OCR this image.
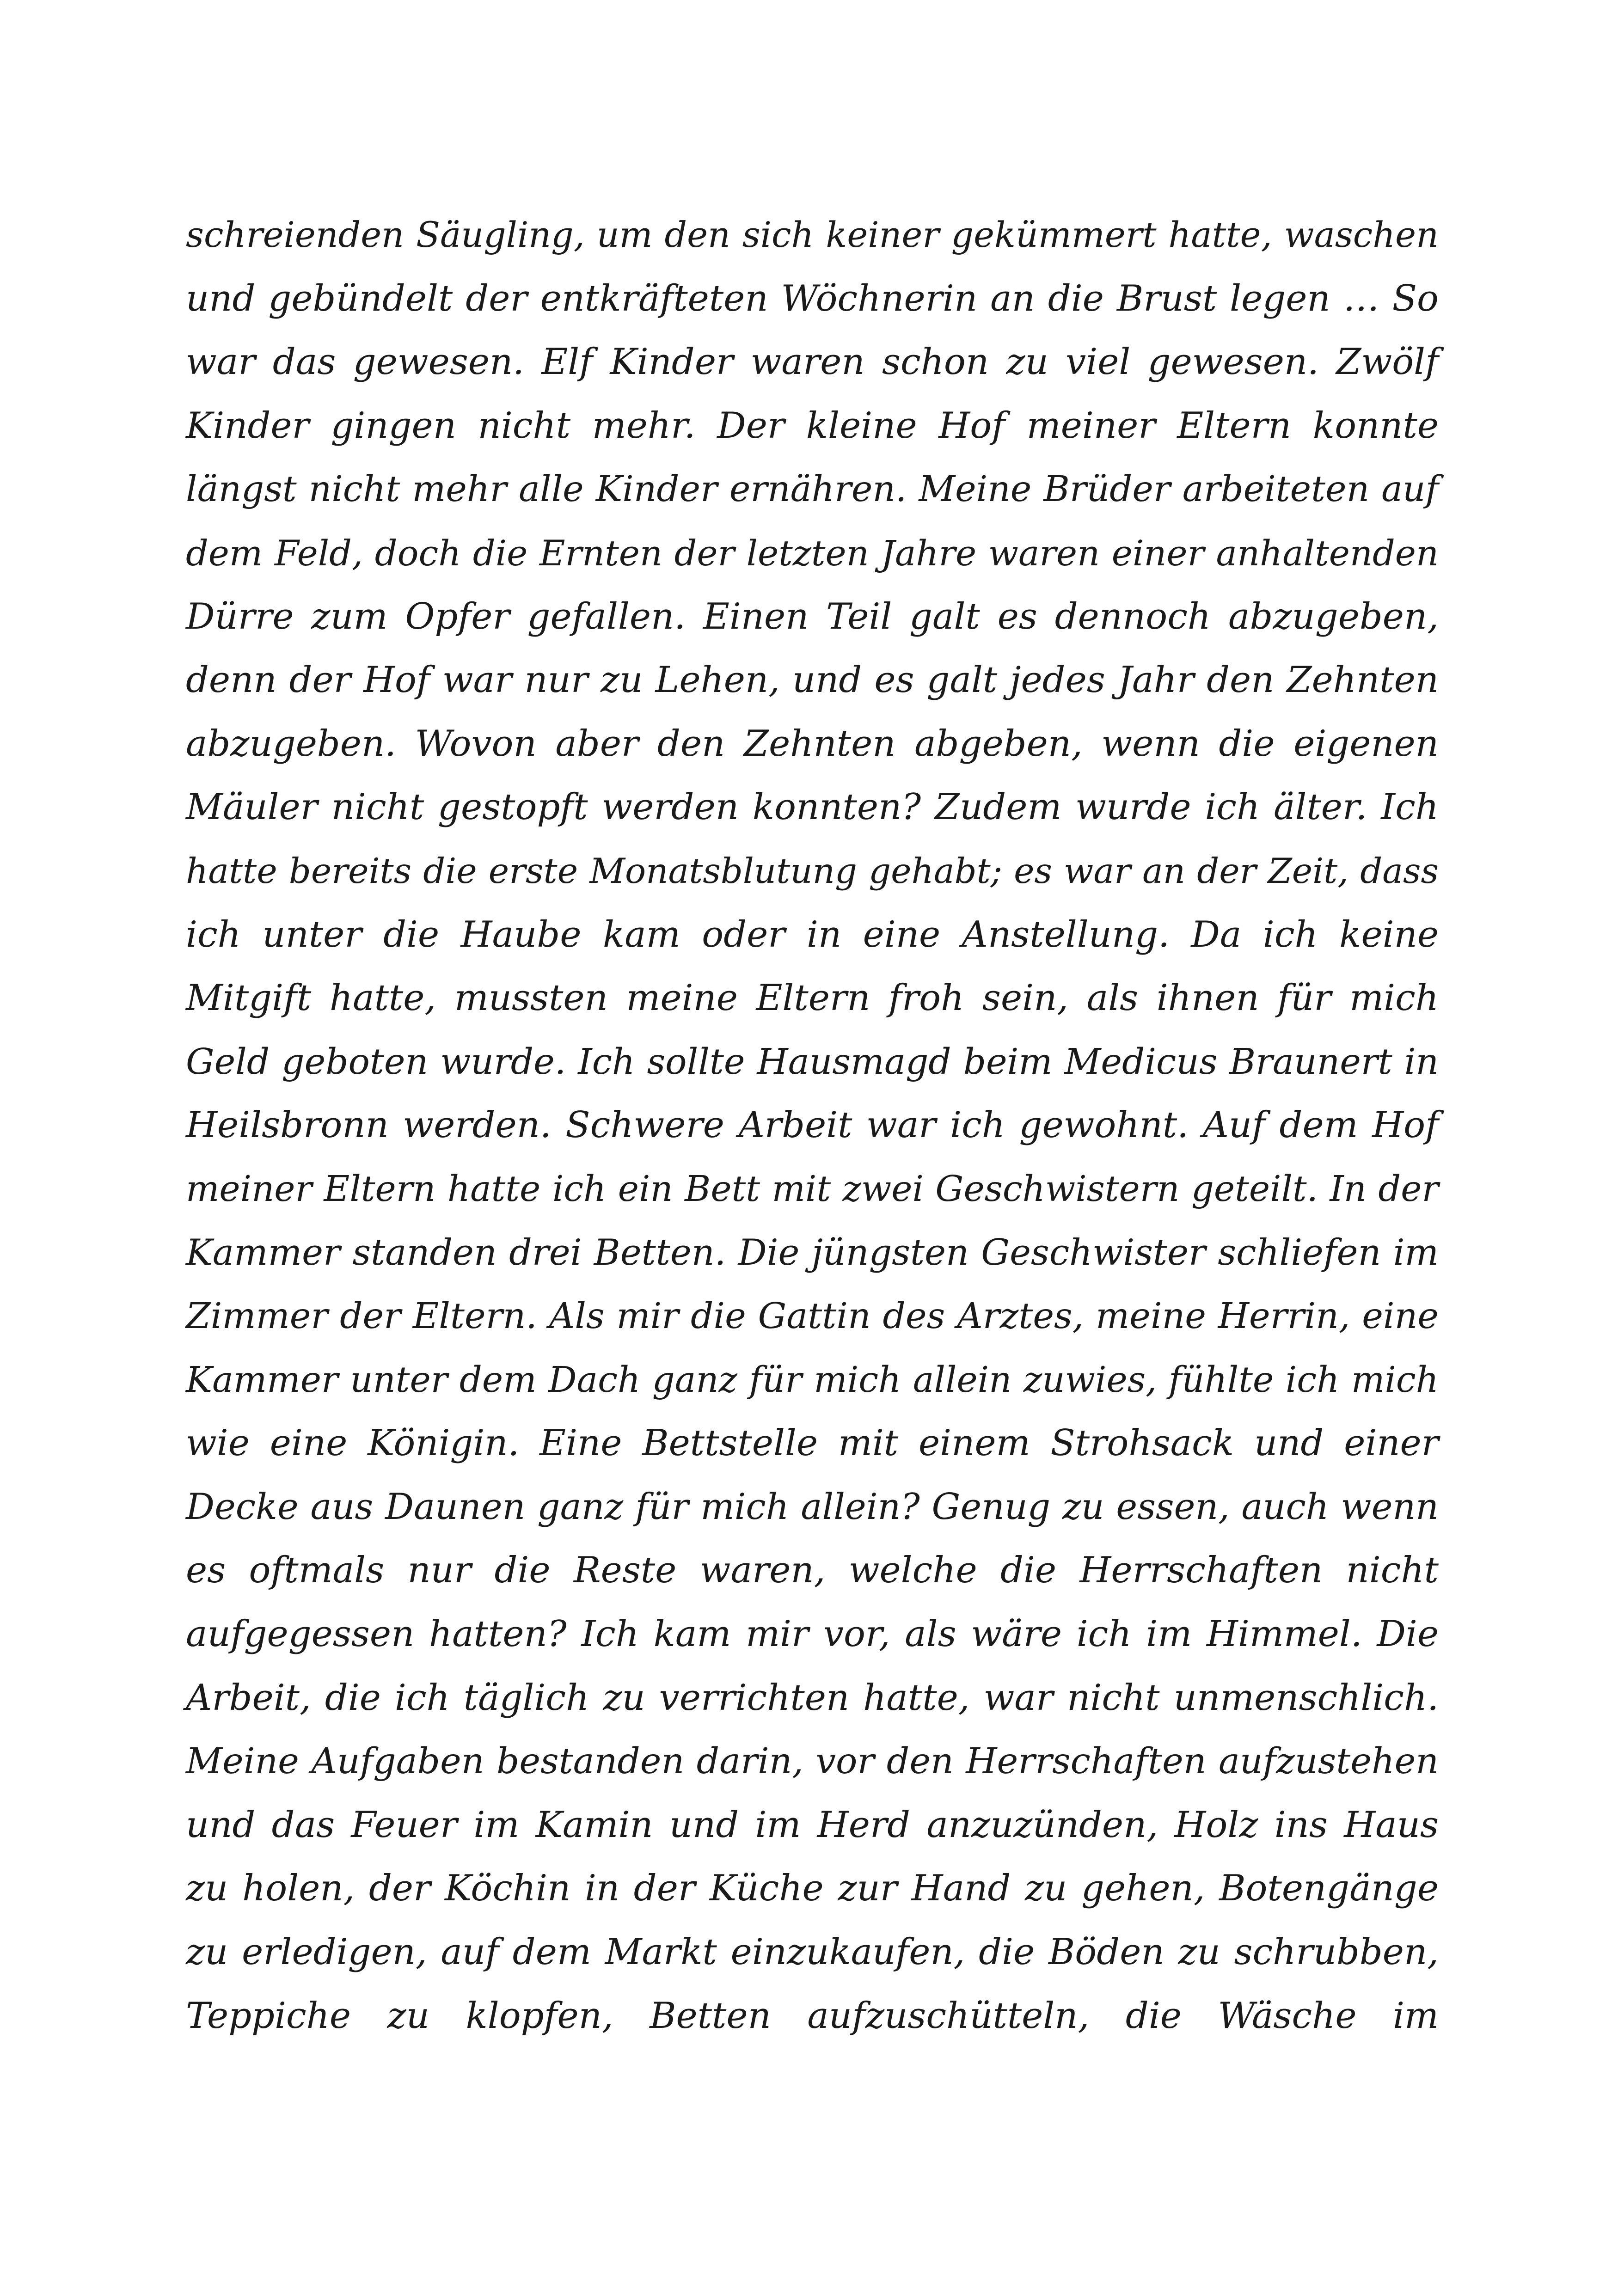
schreienden Säugling, um den sich keiner gekümmert hatte, waschen
und gebündelt der entkräfteten Wöchnerin an die Brust legen … So
war das gewesen. Elf Kinder waren schon zu viel gewesen. Zwölf
Kinder gingen nicht mehr. Der kleine Hof meiner Eltern konnte
längst nicht mehr alle Kinder ernähren. Meine Brüder arbeiteten auf
dem Feld, doch die Ernten der letzten Jahre waren einer anhaltenden
Dürre zum Opfer gefallen. Einen Teil galt es dennoch abzugeben,
denn der Hof war nur zu Lehen, und es galt jedes Jahr den Zehnten
abzugeben. Wovon aber den Zehnten abgeben, wenn die eigenen
Mäuler nicht gestopft werden konnten? Zudem wurde ich älter. Ich
hatte bereits die erste Monatsblutung gehabt; es war an der Zeit, dass
ich unter die Haube kam oder in eine Anstellung. Da ich keine
Mitgift hatte, mussten meine Eltern froh sein, als ihnen für mich
Geld geboten wurde. Ich sollte Hausmagd beim Medicus Braunert in
Heilsbronn werden. Schwere Arbeit war ich gewohnt. Auf dem Hof
meiner Eltern hatte ich ein Bett mit zwei Geschwistern geteilt. In der
Kammer standen drei Betten. Die jüngsten Geschwister schliefen im
Zimmer der Eltern. Als mir die Gattin des Arztes, meine Herrin, eine
Kammer unter dem Dach ganz für mich allein zuwies, fühlte ich mich
wie eine Königin. Eine Bettstelle mit einem Strohsack und einer
Decke aus Daunen ganz für mich allein? Genug zu essen, auch wenn
es oftmals nur die Reste waren, welche die Herrschaften nicht
aufgegessen hatten? Ich kam mir vor, als wäre ich im Himmel. Die
Arbeit, die ich täglich zu verrichten hatte, war nicht unmenschlich.
Meine Aufgaben bestanden darin, vor den Herrschaften aufzustehen
und das Feuer im Kamin und im Herd anzuzünden, Holz ins Haus
zu holen, der Köchin in der Küche zur Hand zu gehen, Botengänge
zu erledigen, auf dem Markt einzukaufen, die Böden zu schrubben,
Teppiche zu klopfen, Betten aufzuschütteln, die Wäsche im
